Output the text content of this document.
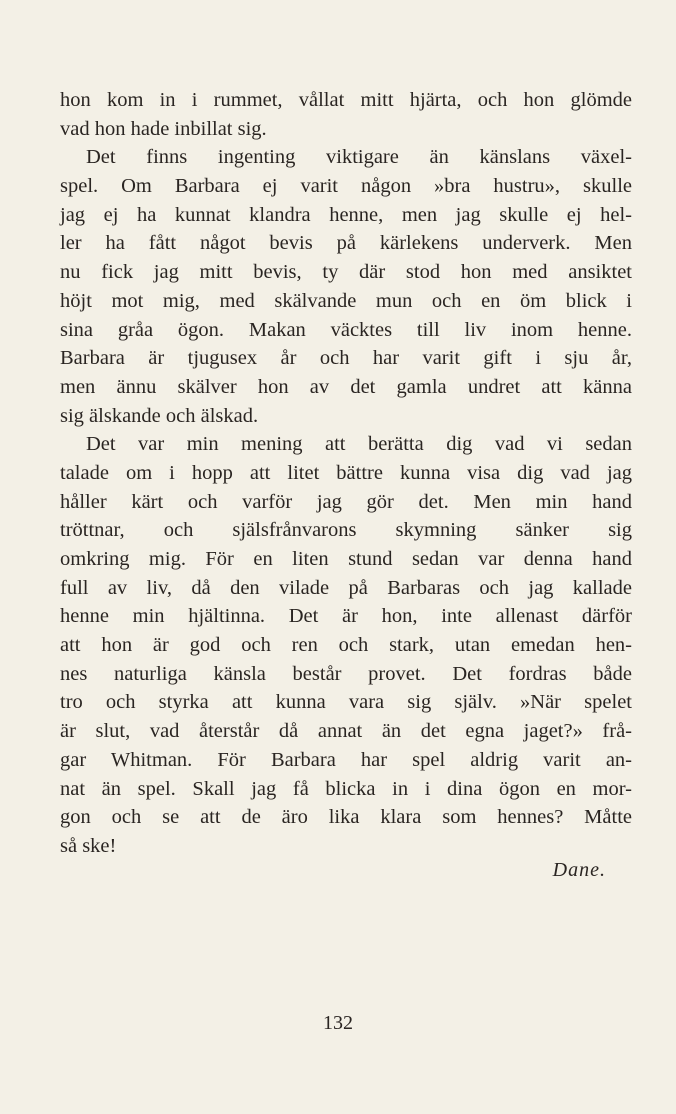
hon kom in i rummet, vållat mitt hjärta, och hon glömde
vad hon hade inbillat sig.
Det finns ingenting viktigare än känslans växel-
spel. Om Barbara ej varit någon »bra hustru», skulle
jag ej ha kunnat klandra henne, men jag skulle ej hel-
ler ha fått något bevis på kärlekens underverk. Men
nu fick jag mitt bevis, ty där stod hon med ansiktet
höjt mot mig, med skälvande mun och en öm blick i
sina gråa ögon. Makan väcktes till liv inom henne.
Barbara är tjugusex år och har varit gift i sju år,
men ännu skälver hon av det gamla undret att känna
sig älskande och älskad.
Det var min mening att berätta dig vad vi sedan
talade om i hopp att litet bättre kunna visa dig vad jag
håller kärt och varför jag gör det. Men min hand
tröttnar, och själsfrånvarons skymning sänker sig
omkring mig. För en liten stund sedan var denna hand
full av liv, då den vilade på Barbaras och jag kallade
henne min hjältinna. Det är hon, inte allenast därför
att hon är god och ren och stark, utan emedan hen-
nes naturliga känsla består provet. Det fordras både
tro och styrka att kunna vara sig själv. »När spelet
är slut, vad återstår då annat än det egna jaget?» frå-
gar Whitman. För Barbara har spel aldrig varit an-
nat än spel. Skall jag få blicka in i dina ögon en mor-
gon och se att de äro lika klara som hennes? Måtte
så ske!
Dane.
132
